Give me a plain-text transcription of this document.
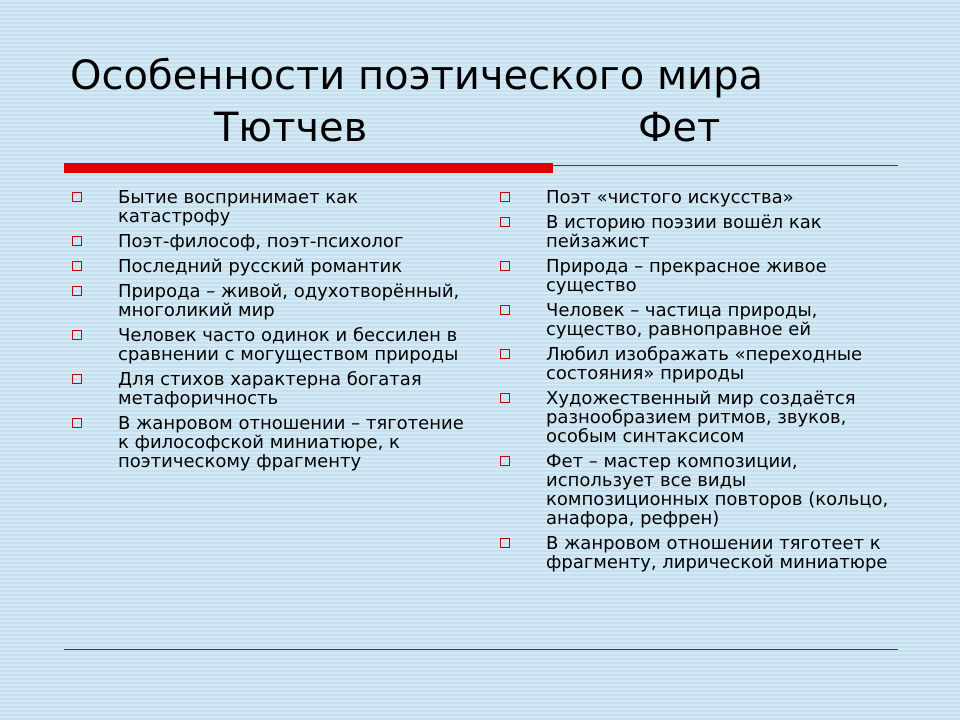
Особенности поэтического мира
Тютчев	Фет
Бытие воспринимает как катастрофу
Поэт-философ, поэт-психолог
Последний русский романтик
Природа – живой, одухотворённый, многоликий мир
Человек часто одинок и бессилен в сравнении с могуществом природы
Для стихов характерна богатая метафоричность
В жанровом отношении – тяготение к философской миниатюре, к поэтическому фрагменту
Поэт «чистого искусства»
В историю поэзии вошёл как пейзажист
Природа – прекрасное живое существо
Человек – частица природы, существо, равноправное ей
Любил изображать «переходные состояния» природы
Художественный мир создаётся разнообразием ритмов, звуков, особым синтаксисом
Фет – мастер композиции, использует все виды композиционных повторов (кольцо, анафора, рефрен)
В жанровом отношении тяготеет к фрагменту, лирической миниатюре
